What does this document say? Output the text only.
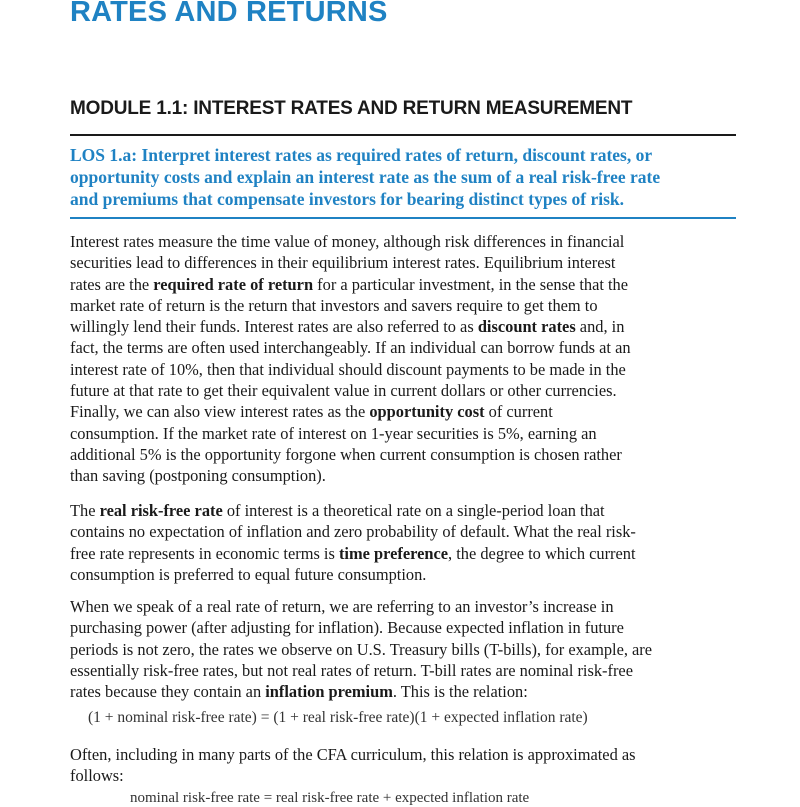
RATES AND RETURNS
MODULE 1.1: INTEREST RATES AND RETURN MEASUREMENT
LOS 1.a: Interpret interest rates as required rates of return, discount rates, or
opportunity costs and explain an interest rate as the sum of a real risk-free rate
and premiums that compensate investors for bearing distinct types of risk.
Interest rates measure the time value of money, although risk differences in financial
securities lead to differences in their equilibrium interest rates. Equilibrium interest
rates are the required rate of return for a particular investment, in the sense that the
market rate of return is the return that investors and savers require to get them to
willingly lend their funds. Interest rates are also referred to as discount rates and, in
fact, the terms are often used interchangeably. If an individual can borrow funds at an
interest rate of 10%, then that individual should discount payments to be made in the
future at that rate to get their equivalent value in current dollars or other currencies.
Finally, we can also view interest rates as the opportunity cost of current
consumption. If the market rate of interest on 1-year securities is 5%, earning an
additional 5% is the opportunity forgone when current consumption is chosen rather
than saving (postponing consumption).
The real risk-free rate of interest is a theoretical rate on a single-period loan that
contains no expectation of inflation and zero probability of default. What the real risk-
free rate represents in economic terms is time preference, the degree to which current
consumption is preferred to equal future consumption.
When we speak of a real rate of return, we are referring to an investor’s increase in
purchasing power (after adjusting for inflation). Because expected inflation in future
periods is not zero, the rates we observe on U.S. Treasury bills (T-bills), for example, are
essentially risk-free rates, but not real rates of return. T-bill rates are nominal risk-free
rates because they contain an inflation premium. This is the relation:
(1 + nominal risk-free rate) = (1 + real risk-free rate)(1 + expected inflation rate)
Often, including in many parts of the CFA curriculum, this relation is approximated as
follows:
nominal risk-free rate = real risk-free rate + expected inflation rate
